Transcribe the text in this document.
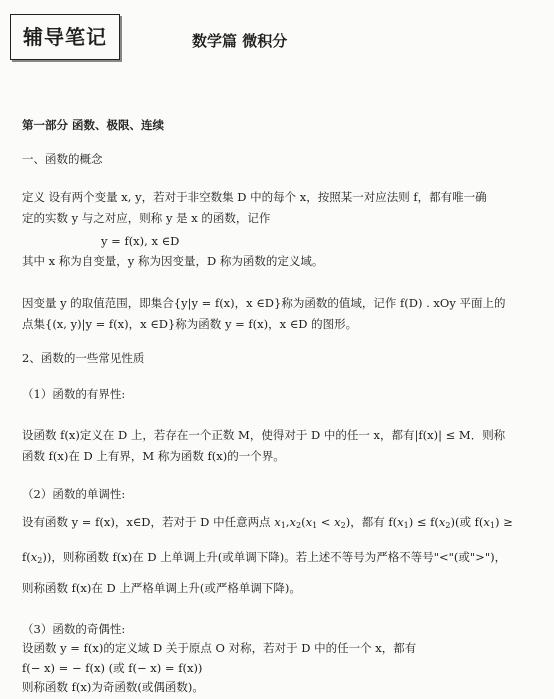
辅导笔记	数学篇 微积分
第一部分 函数、极限、连续
一、函数的概念
定义 设有两个变量 x, y，若对于非空数集 D 中的每个 x，按照某一对应法则 f，都有唯一确
定的实数 y 与之对应，则称 y 是 x 的函数，记作
y = f(x), x ∈D
其中 x 称为自变量，y 称为因变量，D 称为函数的定义域。
因变量 y 的取值范围，即集合{y|y = f(x)，x ∈D}称为函数的值域，记作 f(D) . xOy 平面上的
点集{(x, y)|y = f(x)，x ∈D}称为函数 y = f(x)，x ∈D 的图形。
2、函数的一些常见性质
（1）函数的有界性:
设函数 f(x)定义在 D 上，若存在一个正数 M，使得对于 D 中的任一 x，都有|f(x)| ≤ M．则称
函数 f(x)在 D 上有界，M 称为函数 f(x)的一个界。
（2）函数的单调性:
设有函数 y = f(x)，x∈D，若对于 D 中任意两点 $x_1,x_2(x_1 < x_2)$，都有 $f(x_1) \le f(x_2)$(或 $f(x_1)$ ≥
$f(x_2)$)，则称函数 f(x)在 D 上单调上升(或单调下降)。若上述不等号为严格不等号"<"(或">")，
则称函数 f(x)在 D 上严格单调上升(或严格单调下降)。
（3）函数的奇偶性:
设函数 y = f(x)的定义域 D 关于原点 O 对称，若对于 D 中的任一个 x，都有
f(− x) = − f(x) (或 f(− x) = f(x))
则称函数 f(x)为奇函数(或偶函数)。
